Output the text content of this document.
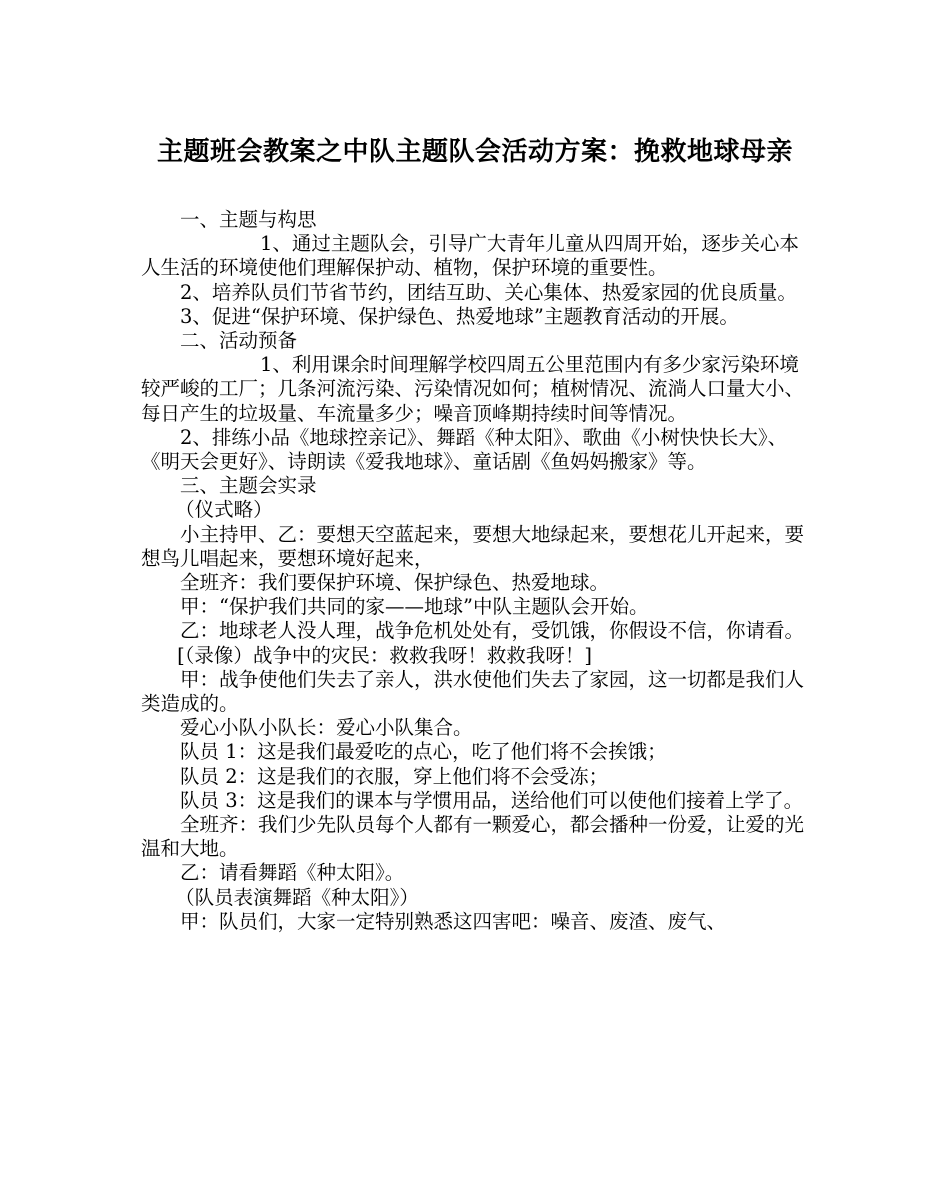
主题班会教案之中队主题队会活动方案：挽救地球母亲

一、主题与构思

1、通过主题队会，引导广大青年儿童从四周开始，逐步关心本人生活的环境使他们理解保护动、植物，保护环境的重要性。

2、培养队员们节省节约，团结互助、关心集体、热爱家园的优良质量。

3、促进“保护环境、保护绿色、热爱地球”主题教育活动的开展。

二、活动预备

1、利用课余时间理解学校四周五公里范围内有多少家污染环境较严峻的工厂；几条河流污染、污染情况如何；植树情况、流淌人口量大小、每日产生的垃圾量、车流量多少；噪音顶峰期持续时间等情况。

2、排练小品《地球控亲记》、舞蹈《种太阳》、歌曲《小树快快长大》、《明天会更好》、诗朗读《爱我地球》、童话剧《鱼妈妈搬家》等。

三、主题会实录

（仪式略）

小主持甲、乙：要想天空蓝起来，要想大地绿起来，要想花儿开起来，要想鸟儿唱起来，要想环境好起来，

全班齐：我们要保护环境、保护绿色、热爱地球。

甲：“保护我们共同的家——地球”中队主题队会开始。

乙：地球老人没人理，战争危机处处有，受饥饿，你假设不信，你请看。

[（录像）战争中的灾民：救救我呀！救救我呀！]

甲：战争使他们失去了亲人，洪水使他们失去了家园，这一切都是我们人类造成的。

爱心小队小队长：爱心小队集合。

队员 1：这是我们最爱吃的点心，吃了他们将不会挨饿；

队员 2：这是我们的衣服，穿上他们将不会受冻；

队员 3：这是我们的课本与学惯用品，送给他们可以使他们接着上学了。

全班齐：我们少先队员每个人都有一颗爱心，都会播种一份爱，让爱的光温和大地。

乙：请看舞蹈《种太阳》。

（队员表演舞蹈《种太阳》）

甲：队员们，大家一定特别熟悉这四害吧：噪音、废渣、废气、
